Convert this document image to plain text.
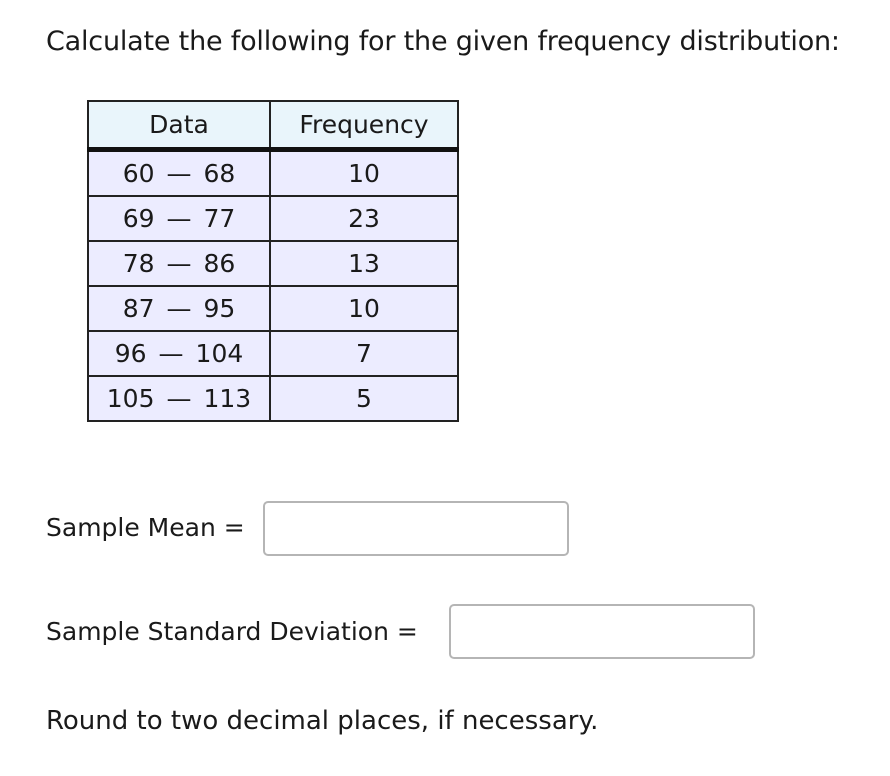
Calculate the following for the given frequency distribution:
Data	Frequency
60 — 68	10
69 — 77	23
78 — 86	13
87 — 95	10
96 — 104	7
105 — 113	5
Sample Mean =
Sample Standard Deviation =
Round to two decimal places, if necessary.
